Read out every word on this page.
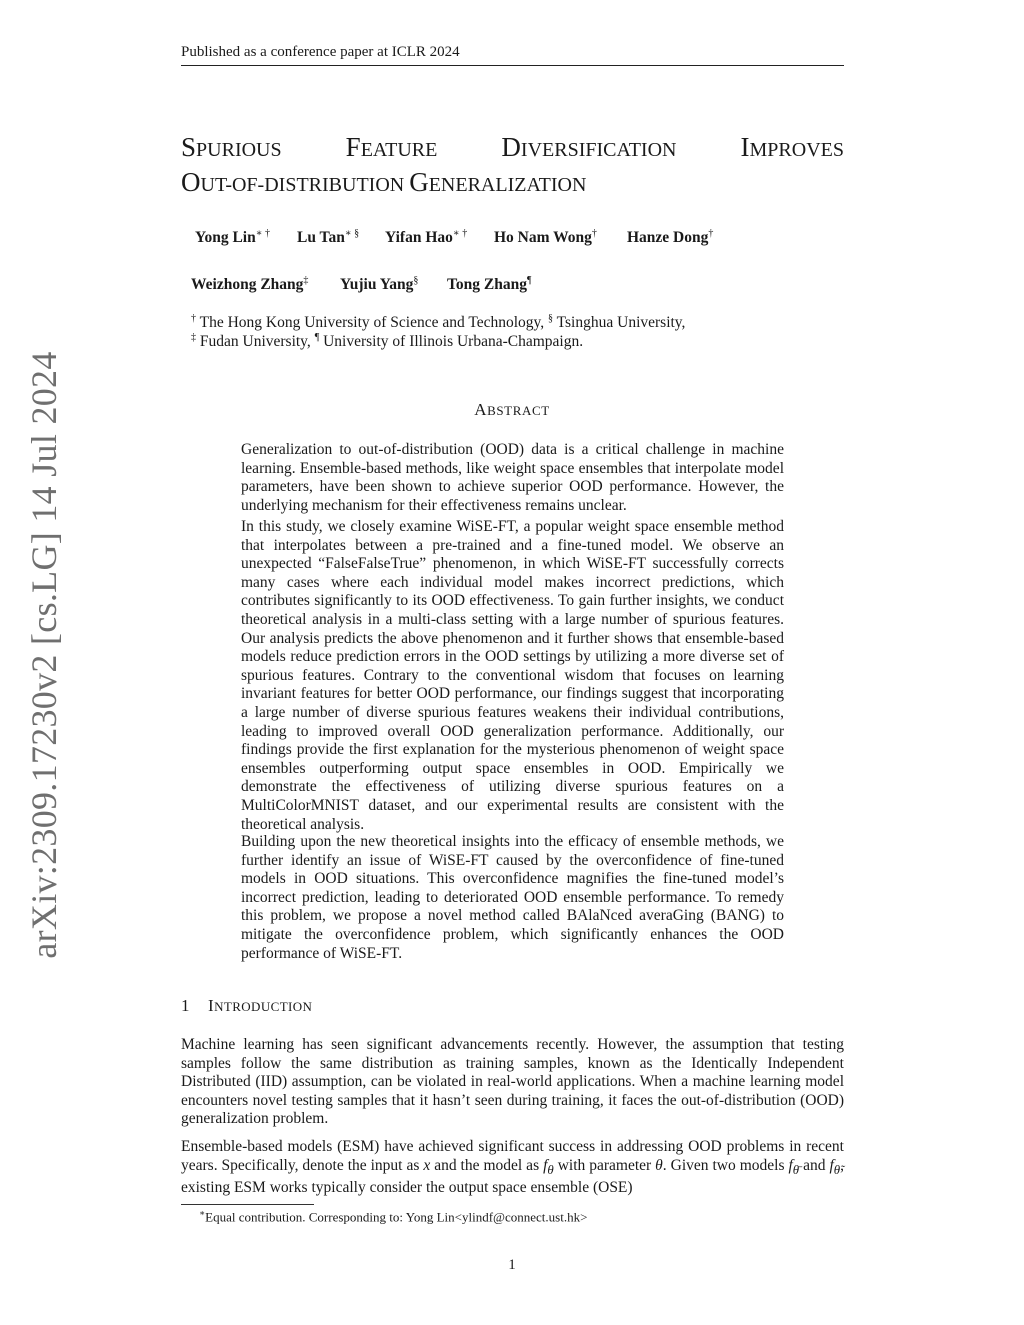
arXiv:2309.17230v2 [cs.LG] 14 Jul 2024
Published as a conference paper at ICLR 2024
SPURIOUS FEATURE DIVERSIFICATION IMPROVES
OUT-OF-DISTRIBUTION GENERALIZATION
Yong Lin∗ † Lu Tan∗ § Yifan Hao∗ † Ho Nam Wong† Hanze Dong†
Weizhong Zhang‡ Yujiu Yang§ Tong Zhang¶
† The Hong Kong University of Science and Technology, § Tsinghua University,
‡ Fudan University, ¶ University of Illinois Urbana-Champaign.
ABSTRACT

Generalization to out-of-distribution (OOD) data is a critical challenge in machine learning. Ensemble-based methods, like weight space ensembles that interpolate model parameters, have been shown to achieve superior OOD performance. However, the underlying mechanism for their effectiveness remains unclear.

In this study, we closely examine WiSE-FT, a popular weight space ensemble method that interpolates between a pre-trained and a fine-tuned model. We observe an unexpected “FalseFalseTrue” phenomenon, in which WiSE-FT successfully corrects many cases where each individual model makes incorrect predictions, which contributes significantly to its OOD effectiveness. To gain further insights, we conduct theoretical analysis in a multi-class setting with a large number of spurious features. Our analysis predicts the above phenomenon and it further shows that ensemble-based models reduce prediction errors in the OOD settings by utilizing a more diverse set of spurious features. Contrary to the conventional wisdom that focuses on learning invariant features for better OOD performance, our findings suggest that incorporating a large number of diverse spurious features weakens their individual contributions, leading to improved overall OOD generalization performance. Additionally, our findings provide the first explanation for the mysterious phenomenon of weight space ensembles outperforming output space ensembles in OOD. Empirically we demonstrate the effectiveness of utilizing diverse spurious features on a MultiColorMNIST dataset, and our experimental results are consistent with the theoretical analysis.

Building upon the new theoretical insights into the efficacy of ensemble methods, we further identify an issue of WiSE-FT caused by the overconfidence of fine-tuned models in OOD situations. This overconfidence magnifies the fine-tuned model’s incorrect prediction, leading to deteriorated OOD ensemble performance. To remedy this problem, we propose a novel method called BAlaNced averaGing (BANG) to mitigate the overconfidence problem, which significantly enhances the OOD performance of WiSE-FT.

1 INTRODUCTION

Machine learning has seen significant advancements recently. However, the assumption that testing samples follow the same distribution as training samples, known as the Identically Independent Distributed (IID) assumption, can be violated in real-world applications. When a machine learning model encounters novel testing samples that it hasn’t seen during training, it faces the out-of-distribution (OOD) generalization problem.

Ensemble-based models (ESM) have achieved significant success in addressing OOD problems in recent years. Specifically, denote the input as x and the model as $f_\theta$ with parameter θ. Given two models $f_{\thetā}$ and $f_{\thetã}$, existing ESM works typically consider the output space ensemble (OSE)

∗Equal contribution. Corresponding to: Yong Lin<ylindf@connect.ust.hk>
1
